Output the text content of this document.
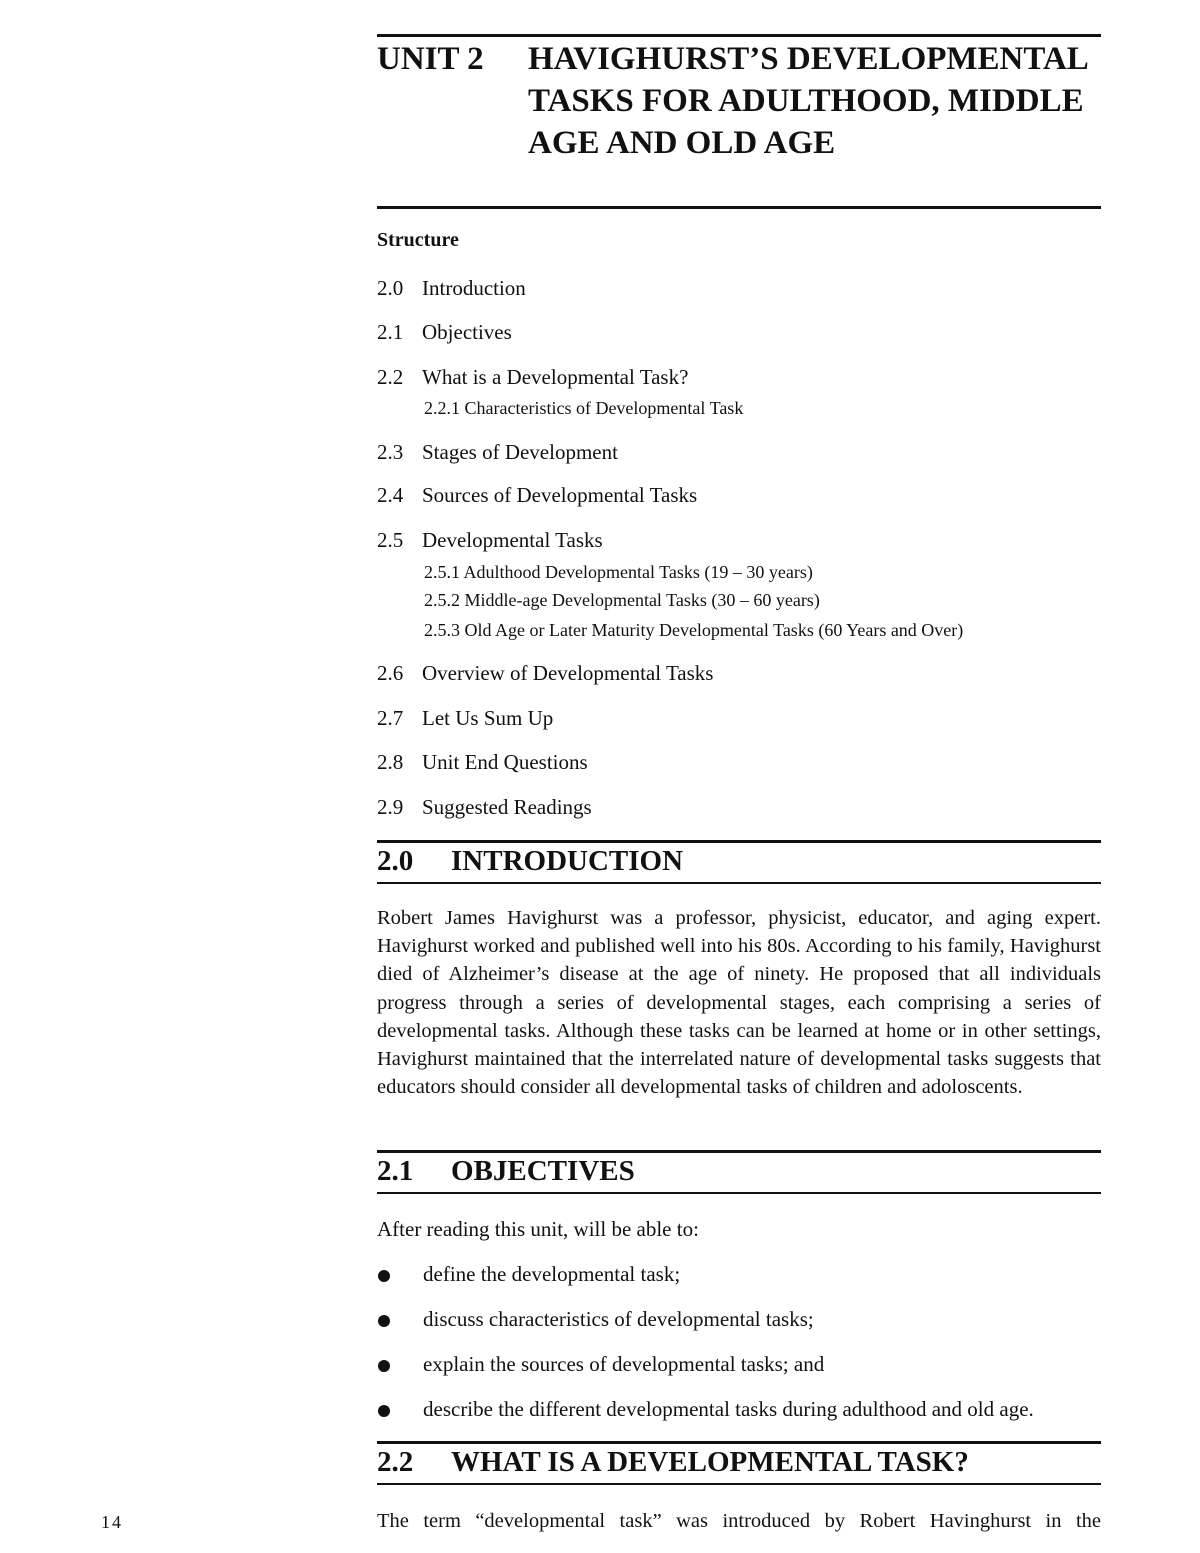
UNIT 2 HAVIGHURST’S DEVELOPMENTAL TASKS FOR ADULTHOOD, MIDDLE AGE AND OLD AGE
Structure
2.0 Introduction
2.1 Objectives
2.2 What is a Developmental Task?
2.2.1 Characteristics of Developmental Task
2.3 Stages of Development
2.4 Sources of Developmental Tasks
2.5 Developmental Tasks
2.5.1 Adulthood Developmental Tasks (19 – 30 years)
2.5.2 Middle-age Developmental Tasks (30 – 60 years)
2.5.3 Old Age or Later Maturity Developmental Tasks (60 Years and Over)
2.6 Overview of Developmental Tasks
2.7 Let Us Sum Up
2.8 Unit End Questions
2.9 Suggested Readings
2.0 INTRODUCTION
Robert James Havighurst was a professor, physicist, educator, and aging expert. Havighurst worked and published well into his 80s. According to his family, Havighurst died of Alzheimer’s disease at the age of ninety. He proposed that all individuals progress through a series of developmental stages, each comprising a series of developmental tasks. Although these tasks can be learned at home or in other settings, Havighurst maintained that the interrelated nature of developmental tasks suggests that educators should consider all developmental tasks of children and adoloscents.
2.1 OBJECTIVES
After reading this unit, will be able to:
define the developmental task;
discuss characteristics of developmental tasks;
explain the sources of developmental tasks; and
describe the different developmental tasks during adulthood and old age.
2.2 WHAT IS A DEVELOPMENTAL TASK?
The term “developmental task” was introduced by Robert Havinghurst in the
14
